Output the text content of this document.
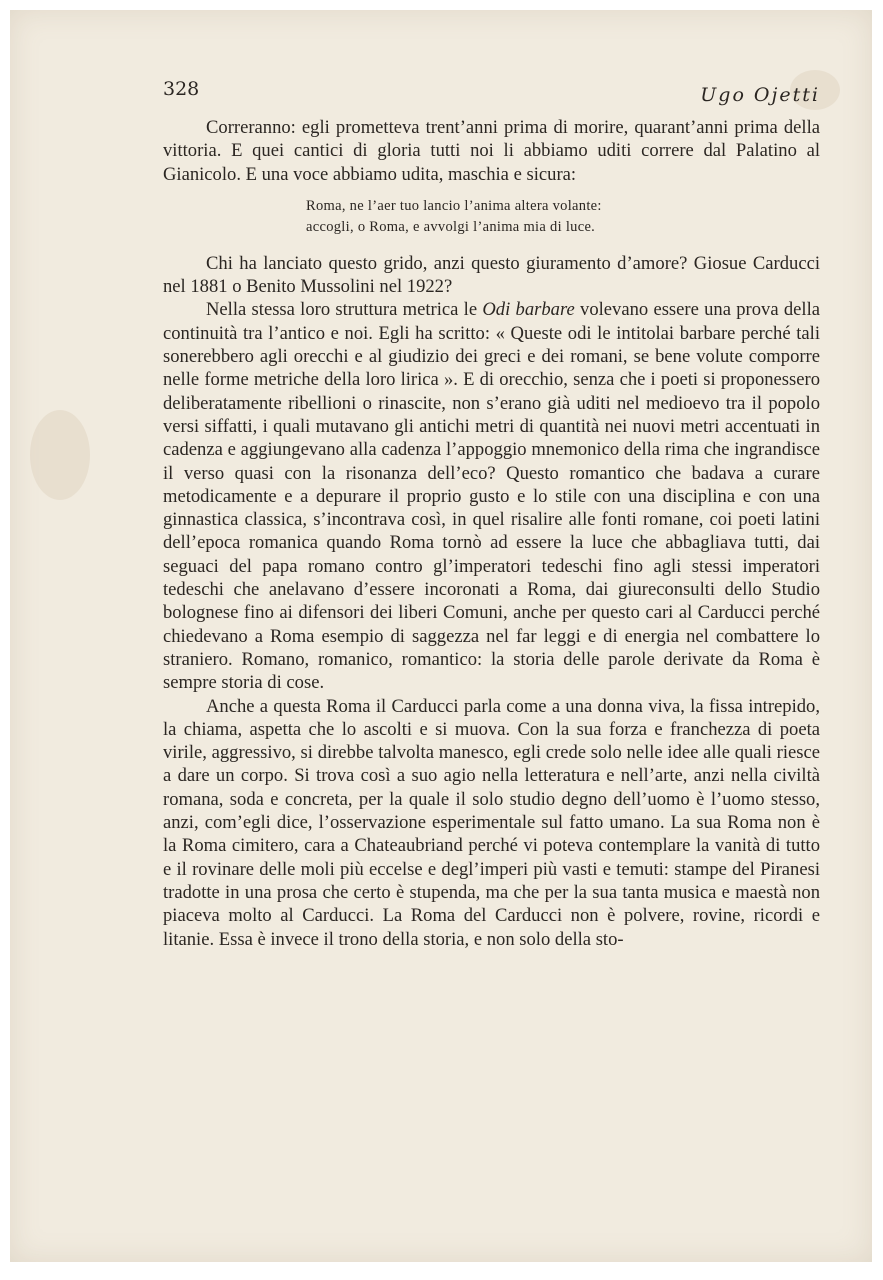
328	Ugo Ojetti

Correranno: egli prometteva trent’anni prima di morire, quarant’anni prima della vittoria. E quei cantici di gloria tutti noi li abbiamo uditi correre dal Palatino al Gianicolo. E una voce abbiamo udita, maschia e sicura:

Roma, ne l’aer tuo lancio l’anima altera volante:
accogli, o Roma, e avvolgi l’anima mia di luce.

Chi ha lanciato questo grido, anzi questo giuramento d’amore? Giosue Carducci nel 1881 o Benito Mussolini nel 1922?

Nella stessa loro struttura metrica le Odi barbare volevano essere una prova della continuità tra l’antico e noi. Egli ha scritto: « Queste odi le intitolai barbare perché tali sonerebbero agli orecchi e al giudizio dei greci e dei romani, se bene volute comporre nelle forme metriche della loro lirica ». E di orecchio, senza che i poeti si proponessero deliberatamente ribellioni o rinascite, non s’erano già uditi nel medioevo tra il popolo versi siffatti, i quali mutavano gli antichi metri di quantità nei nuovi metri accentuati in cadenza e aggiungevano alla cadenza l’appoggio mnemonico della rima che ingrandisce il verso quasi con la risonanza dell’eco? Questo romantico che badava a curare metodicamente e a depurare il proprio gusto e lo stile con una disciplina e con una ginnastica classica, s’incontrava così, in quel risalire alle fonti romane, coi poeti latini dell’epoca romanica quando Roma tornò ad essere la luce che abbagliava tutti, dai seguaci del papa romano contro gl’imperatori tedeschi fino agli stessi imperatori tedeschi che anelavano d’essere incoronati a Roma, dai giureconsulti dello Studio bolognese fino ai difensori dei liberi Comuni, anche per questo cari al Carducci perché chiedevano a Roma esempio di saggezza nel far leggi e di energia nel combattere lo straniero. Romano, romanico, romantico: la storia delle parole derivate da Roma è sempre storia di cose.

Anche a questa Roma il Carducci parla come a una donna viva, la fissa intrepido, la chiama, aspetta che lo ascolti e si muova. Con la sua forza e franchezza di poeta virile, aggressivo, si direbbe talvolta manesco, egli crede solo nelle idee alle quali riesce a dare un corpo. Si trova così a suo agio nella letteratura e nell’arte, anzi nella civiltà romana, soda e concreta, per la quale il solo studio degno dell’uomo è l’uomo stesso, anzi, com’egli dice, l’osservazione esperimentale sul fatto umano. La sua Roma non è la Roma cimitero, cara a Chateaubriand perché vi poteva contemplare la vanità di tutto e il rovinare delle moli più eccelse e degl’imperi più vasti e temuti: stampe del Piranesi tradotte in una prosa che certo è stupenda, ma che per la sua tanta musica e maestà non piaceva molto al Carducci. La Roma del Carducci non è polvere, rovine, ricordi e litanie. Essa è invece il trono della storia, e non solo della sto-
